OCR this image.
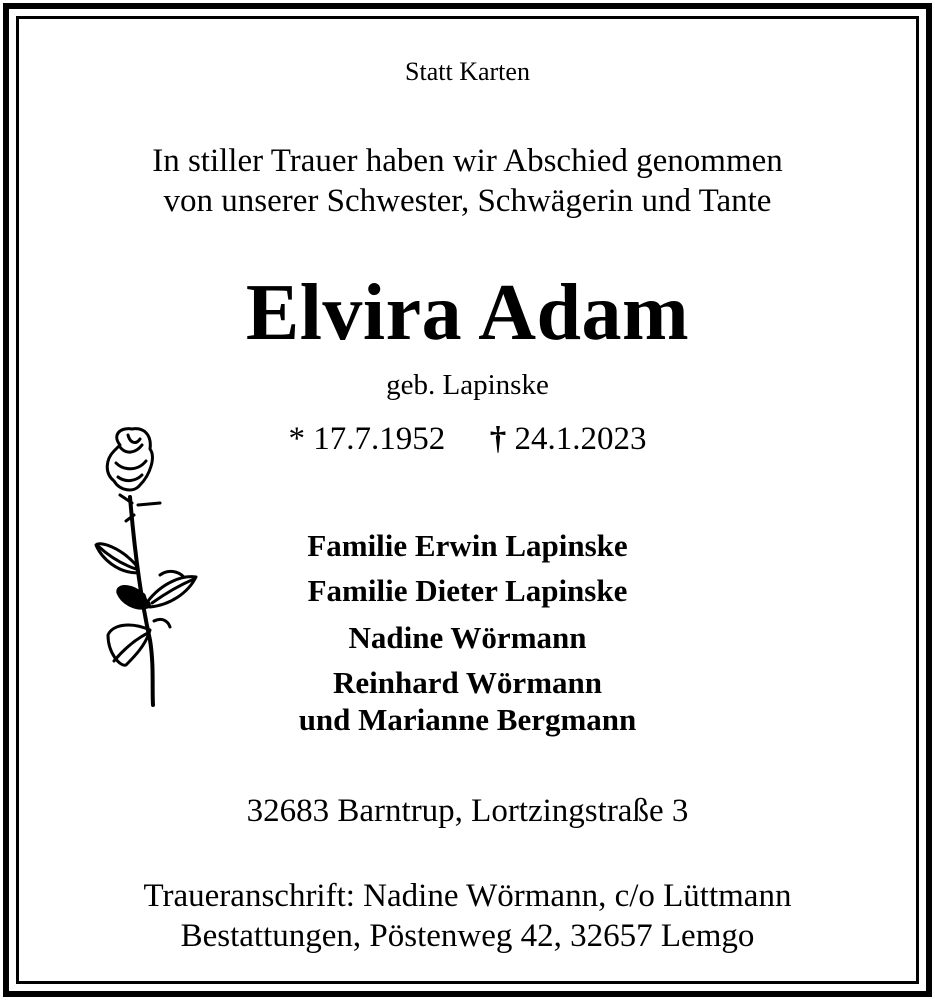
Statt Karten
In stiller Trauer haben wir Abschied genommen
von unserer Schwester, Schwägerin und Tante
Elvira Adam
geb. Lapinske
* 17.7.1952 † 24.1.2023
Familie Erwin Lapinske
Familie Dieter Lapinske
Nadine Wörmann
Reinhard Wörmann
und Marianne Bergmann
32683 Barntrup, Lortzingstraße 3
Traueranschrift: Nadine Wörmann, c/o Lüttmann
Bestattungen, Pöstenweg 42, 32657 Lemgo
